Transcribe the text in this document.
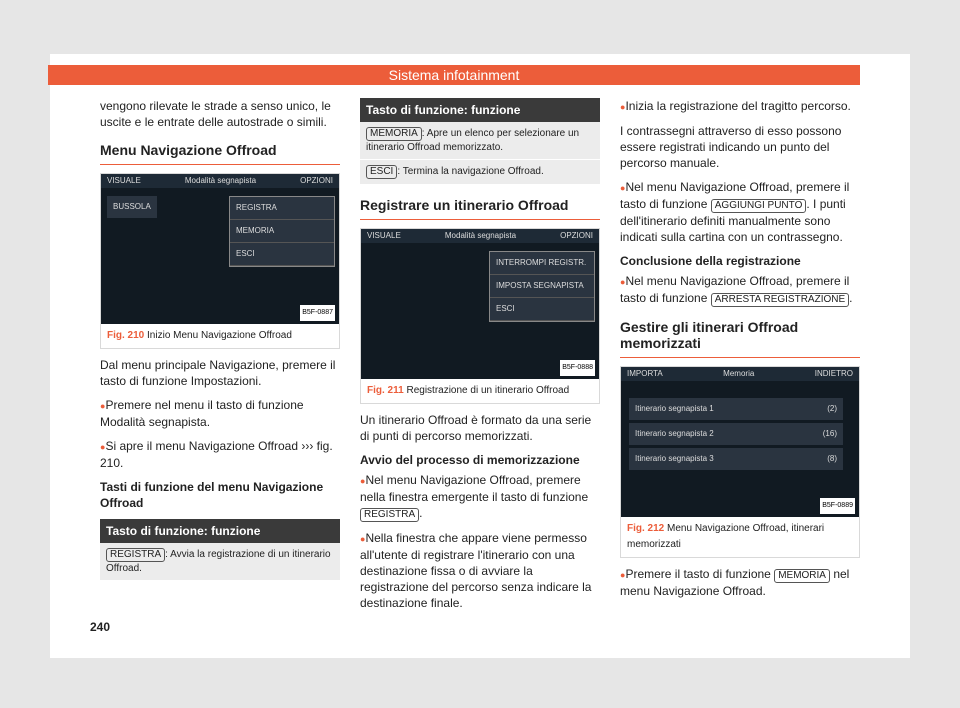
Sistema infotainment

vengono rilevate le strade a senso unico, le uscite e le entrate delle autostrade o simili.

Menu Navigazione Offroad
VISUALE	Modalità segnapista	OPZIONI
BUSSOLA	REGISTRA
MEMORIA
ESCI
B5F-0887
Fig. 210 Inizio Menu Navigazione Offroad

Dal menu principale Navigazione, premere il tasto di funzione Impostazioni.

● Premere nel menu il tasto di funzione Modalità segnapista.

● Si apre il menu Navigazione Offroad ››› fig. 210.

Tasti di funzione del menu Navigazione Offroad
Tasto di funzione: funzione
REGISTRA : Avvia la registrazione di un itinerario Offroad.
Tasto di funzione: funzione
MEMORIA : Apre un elenco per selezionare un itinerario Offroad memorizzato.
ESCI : Termina la navigazione Offroad.
Registrare un itinerario Offroad
VISUALE	Modalità segnapista	OPZIONI
INTERROMPI REGISTR.
IMPOSTA SEGNAPISTA
ESCI
B5F-0888
Fig. 211 Registrazione di un itinerario Offroad

Un itinerario Offroad è formato da una serie di punti di percorso memorizzati.

Avvio del processo di memorizzazione

● Nel menu Navigazione Offroad, premere nella finestra emergente il tasto di funzione REGISTRA .

● Nella finestra che appare viene permesso all'utente di registrare l'itinerario con una destinazione fissa o di avviare la registrazione del percorso senza indicare la destinazione finale.

● Inizia la registrazione del tragitto percorso.

I contrassegni attraverso di esso possono essere registrati indicando un punto del percorso manuale.

● Nel menu Navigazione Offroad, premere il tasto di funzione AGGIUNGI PUNTO . I punti dell'itinerario definiti manualmente sono indicati sulla cartina con un contrassegno.

Conclusione della registrazione

● Nel menu Navigazione Offroad, premere il tasto di funzione ARRESTA REGISTRAZIONE .

Gestire gli itinerari Offroad memorizzati
IMPORTA	Memoria	INDIETRO
Itinerario segnapista 1	(2)
Itinerario segnapista 2	(16)
Itinerario segnapista 3	(8)
B5F-0889
Fig. 212 Menu Navigazione Offroad, itinerari memorizzati

● Premere il tasto di funzione MEMORIA nel menu Navigazione Offroad.

240
